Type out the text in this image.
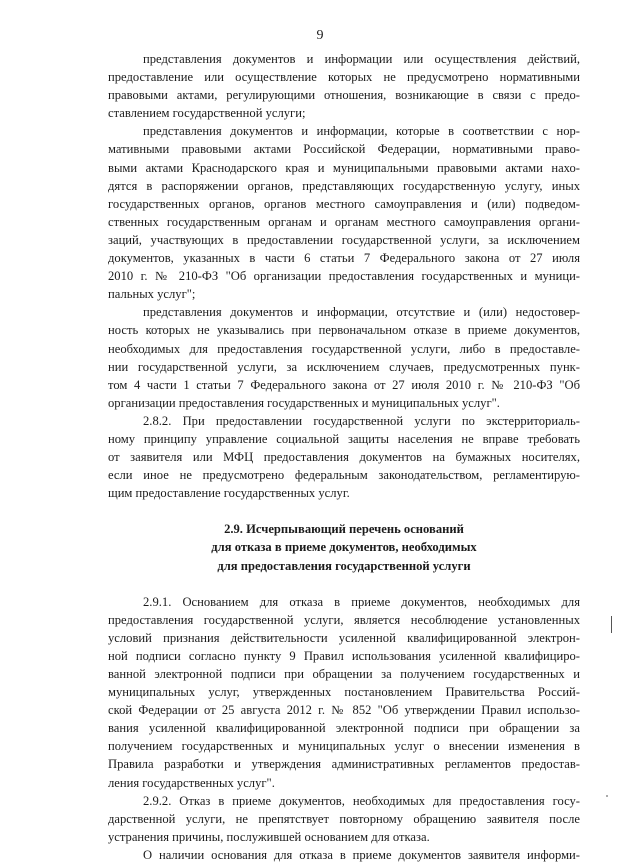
9
представления документов и информации или осуществления действий,
предоставление или осуществление которых не предусмотрено нормативными
правовыми актами, регулирующими отношения, возникающие в связи с предо-
ставлением государственной услуги;
представления документов и информации, которые в соответствии с нор-
мативными правовыми актами Российской Федерации, нормативными право-
выми актами Краснодарского края и муниципальными правовыми актами нахо-
дятся в распоряжении органов, представляющих государственную услугу, иных
государственных органов, органов местного самоуправления и (или) подведом-
ственных государственным органам и органам местного самоуправления органи-
заций, участвующих в предоставлении государственной услуги, за исключением
документов, указанных в части 6 статьи 7 Федерального закона от 27 июля
2010 г. № 210-ФЗ "Об организации предоставления государственных и муници-
пальных услуг";
представления документов и информации, отсутствие и (или) недостовер-
ность которых не указывались при первоначальном отказе в приеме документов,
необходимых для предоставления государственной услуги, либо в предоставле-
нии государственной услуги, за исключением случаев, предусмотренных пунк-
том 4 части 1 статьи 7 Федерального закона от 27 июля 2010 г. № 210-ФЗ "Об
организации предоставления государственных и муниципальных услуг".
2.8.2. При предоставлении государственной услуги по экстерриториаль-
ному принципу управление социальной защиты населения не вправе требовать
от заявителя или МФЦ предоставления документов на бумажных носителях,
если иное не предусмотрено федеральным законодательством, регламентирую-
щим предоставление государственных услуг.
2.9. Исчерпывающий перечень оснований
для отказа в приеме документов, необходимых
для предоставления государственной услуги
2.9.1. Основанием для отказа в приеме документов, необходимых для
предоставления государственной услуги, является несоблюдение установленных
условий признания действительности усиленной квалифицированной электрон-
ной подписи согласно пункту 9 Правил использования усиленной квалифициро-
ванной электронной подписи при обращении за получением государственных и
муниципальных услуг, утвержденных постановлением Правительства Россий-
ской Федерации от 25 августа 2012 г. № 852 "Об утверждении Правил использо-
вания усиленной квалифицированной электронной подписи при обращении за
получением государственных и муниципальных услуг о внесении изменения в
Правила разработки и утверждения административных регламентов предостав-
ления государственных услуг".
2.9.2. Отказ в приеме документов, необходимых для предоставления госу-
дарственной услуги, не препятствует повторному обращению заявителя после
устранения причины, послужившей основанием для отказа.
О наличии основания для отказа в приеме документов заявителя информи-
